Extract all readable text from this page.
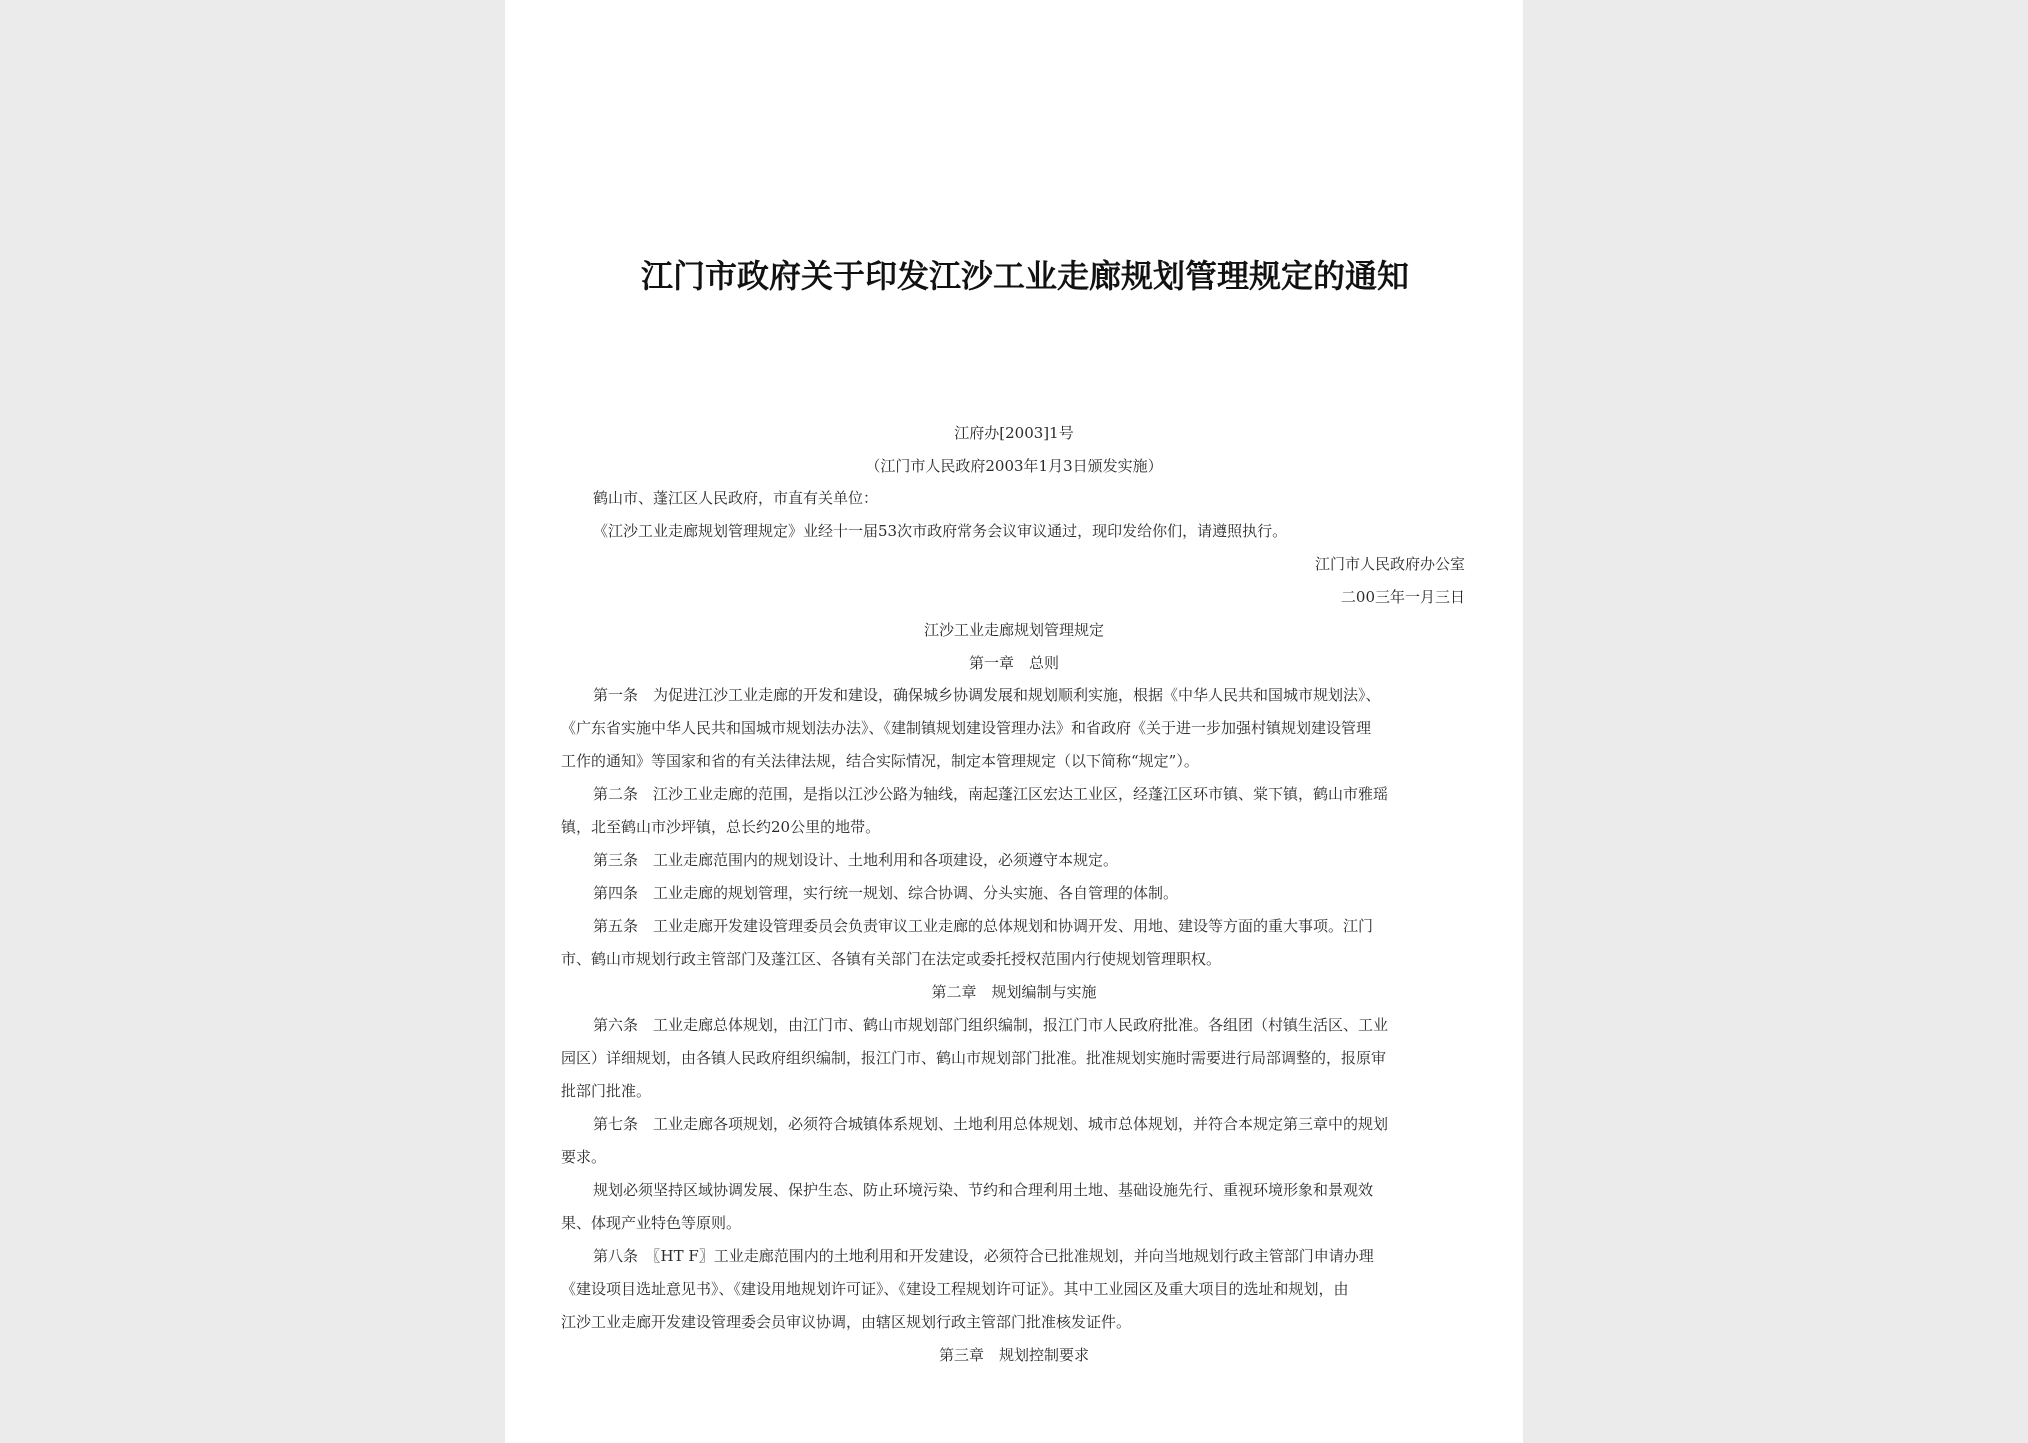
江门市政府关于印发江沙工业走廊规划管理规定的通知
江府办[2003]1号
（江门市人民政府2003年1月3日颁发实施）
鹤山市、蓬江区人民政府，市直有关单位：
《江沙工业走廊规划管理规定》业经十一届53次市政府常务会议审议通过，现印发给你们，请遵照执行。
江门市人民政府办公室
二00三年一月三日
江沙工业走廊规划管理规定
第一章　总则
第一条　为促进江沙工业走廊的开发和建设，确保城乡协调发展和规划顺利实施，根据《中华人民共和国城市规划法》、
《广东省实施中华人民共和国城市规划法办法》、《建制镇规划建设管理办法》和省政府《关于进一步加强村镇规划建设管理
工作的通知》等国家和省的有关法律法规，结合实际情况，制定本管理规定（以下简称“规定”）。
第二条　江沙工业走廊的范围，是指以江沙公路为轴线，南起蓬江区宏达工业区，经蓬江区环市镇、棠下镇，鹤山市雅瑶
镇，北至鹤山市沙坪镇，总长约20公里的地带。
第三条　工业走廊范围内的规划设计、土地利用和各项建设，必须遵守本规定。
第四条　工业走廊的规划管理，实行统一规划、综合协调、分头实施、各自管理的体制。
第五条　工业走廊开发建设管理委员会负责审议工业走廊的总体规划和协调开发、用地、建设等方面的重大事项。江门
市、鹤山市规划行政主管部门及蓬江区、各镇有关部门在法定或委托授权范围内行使规划管理职权。
第二章　规划编制与实施
第六条　工业走廊总体规划，由江门市、鹤山市规划部门组织编制，报江门市人民政府批准。各组团（村镇生活区、工业
园区）详细规划，由各镇人民政府组织编制，报江门市、鹤山市规划部门批准。批准规划实施时需要进行局部调整的，报原审
批部门批准。
第七条　工业走廊各项规划，必须符合城镇体系规划、土地利用总体规划、城市总体规划，并符合本规定第三章中的规划
要求。
规划必须坚持区域协调发展、保护生态、防止环境污染、节约和合理利用土地、基础设施先行、重视环境形象和景观效
果、体现产业特色等原则。
第八条　〖HT F〗工业走廊范围内的土地利用和开发建设，必须符合已批准规划，并向当地规划行政主管部门申请办理
《建设项目选址意见书》、《建设用地规划许可证》、《建设工程规划许可证》。其中工业园区及重大项目的选址和规划，由
江沙工业走廊开发建设管理委会员审议协调，由辖区规划行政主管部门批准核发证件。
第三章　规划控制要求
